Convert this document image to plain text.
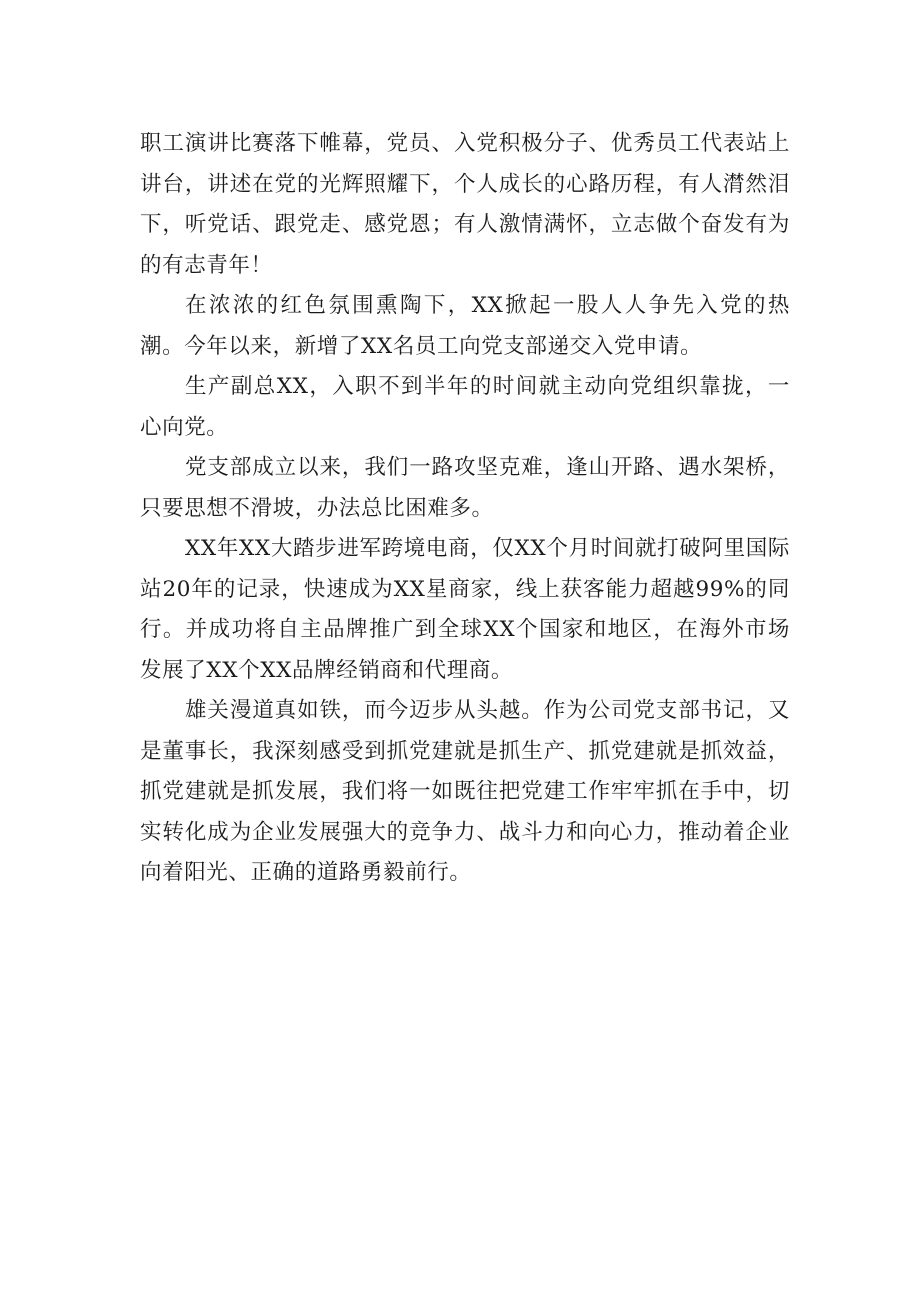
职工演讲比赛落下帷幕，党员、入党积极分子、优秀员工代表站上讲台，讲述在党的光辉照耀下，个人成长的心路历程，有人潸然泪下，听党话、跟党走、感党恩；有人激情满怀，立志做个奋发有为的有志青年！

在浓浓的红色氛围熏陶下，XX掀起一股人人争先入党的热潮。今年以来，新增了XX名员工向党支部递交入党申请。

生产副总XX，入职不到半年的时间就主动向党组织靠拢，一心向党。

党支部成立以来，我们一路攻坚克难，逢山开路、遇水架桥，只要思想不滑坡，办法总比困难多。

XX年XX大踏步进军跨境电商，仅XX个月时间就打破阿里国际站20年的记录，快速成为XX星商家，线上获客能力超越99%的同行。并成功将自主品牌推广到全球XX个国家和地区，在海外市场发展了XX个XX品牌经销商和代理商。

雄关漫道真如铁，而今迈步从头越。作为公司党支部书记，又是董事长，我深刻感受到抓党建就是抓生产、抓党建就是抓效益，抓党建就是抓发展，我们将一如既往把党建工作牢牢抓在手中，切实转化成为企业发展强大的竞争力、战斗力和向心力，推动着企业向着阳光、正确的道路勇毅前行。
